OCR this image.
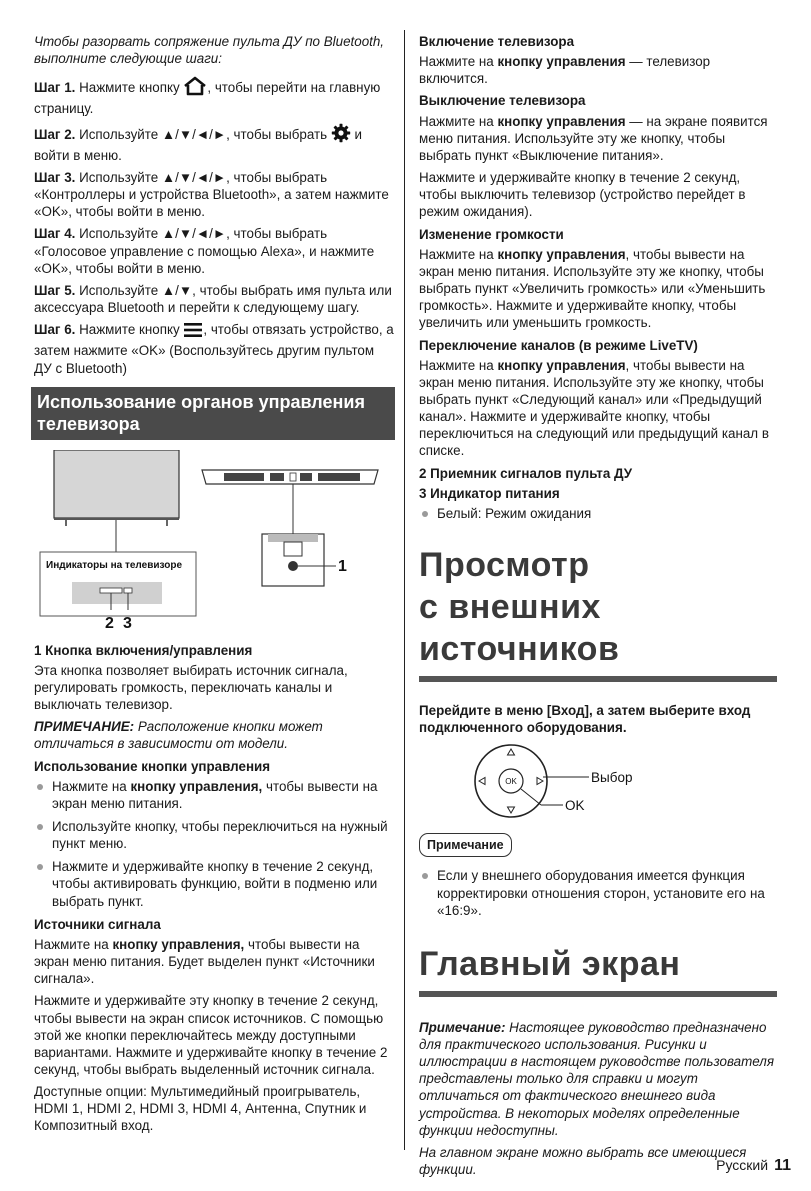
Чтобы разорвать сопряжение пульта ДУ по Bluetooth, выполните следующие шаги:

Шаг 1. Нажмите кнопку , чтобы перейти на главную страницу.

Шаг 2. Используйте ▲/▼/◄/►, чтобы выбрать  и войти в меню.

Шаг 3. Используйте ▲/▼/◄/►, чтобы выбрать «Контроллеры и устройства Bluetooth», а затем нажмите «OK», чтобы войти в меню.

Шаг 4. Используйте ▲/▼/◄/►, чтобы выбрать «Голосовое управление с помощью Alexa», и нажмите «OK», чтобы войти в меню.

Шаг 5. Используйте ▲/▼, чтобы выбрать имя пульта или аксессуара Bluetooth и перейти к следующему шагу.

Шаг 6. Нажмите кнопку , чтобы отвязать устройство, а затем нажмите «OK» (Воспользуйтесь другим пультом ДУ с Bluetooth)

Использование органов управления телевизора
1
Индикаторы на телевизоре
2 3

1 Кнопка включения/управления

Эта кнопка позволяет выбирать источник сигнала, регулировать громкость, переключать каналы и выключать телевизор.

ПРИМЕЧАНИЕ: Расположение кнопки может отличаться в зависимости от модели.

Использование кнопки управления

Нажмите на кнопку управления, чтобы вывести на экран меню питания.
Используйте кнопку, чтобы переключиться на нужный пункт меню.
Нажмите и удерживайте кнопку в течение 2 секунд, чтобы активировать функцию, войти в подменю или выбрать пункт.

Источники сигнала

Нажмите на кнопку управления, чтобы вывести на экран меню питания. Будет выделен пункт «Источники сигнала».

Нажмите и удерживайте эту кнопку в течение 2 секунд, чтобы вывести на экран список источников. С помощью этой же кнопки переключайтесь между доступными вариантами. Нажмите и удерживайте кнопку в течение 2 секунд, чтобы выбрать выделенный источник сигнала.

Доступные опции: Мультимедийный проигрыватель, HDMI 1, HDMI 2, HDMI 3, HDMI 4, Антенна, Спутник и Композитный вход.

Включение телевизора

Нажмите на кнопку управления — телевизор включится.

Выключение телевизора

Нажмите на кнопку управления — на экране появится меню питания. Используйте эту же кнопку, чтобы выбрать пункт «Выключение питания».

Нажмите и удерживайте кнопку в течение 2 секунд, чтобы выключить телевизор (устройство перейдет в режим ожидания).

Изменение громкости

Нажмите на кнопку управления, чтобы вывести на экран меню питания. Используйте эту же кнопку, чтобы выбрать пункт «Увеличить громкость» или «Уменьшить громкость». Нажмите и удерживайте кнопку, чтобы увеличить или уменьшить громкость.

Переключение каналов (в режиме LiveTV)

Нажмите на кнопку управления, чтобы вывести на экран меню питания. Используйте эту же кнопку, чтобы выбрать пункт «Следующий канал» или «Предыдущий канал». Нажмите и удерживайте кнопку, чтобы переключиться на следующий или предыдущий канал в списке.

2 Приемник сигналов пульта ДУ

3 Индикатор питания

Белый: Режим ожидания
Просмотр
с внешних
источников

Перейдите в меню [Вход], а затем выберите вход подключенного оборудования.

OK	Выбор
OK
Примечание
Если у внешнего оборудования имеется функция корректировки отношения сторон, установите его на «16:9».
Главный экран

Примечание: Настоящее руководство предназначено для практического использования. Рисунки и иллюстрации в настоящем руководстве пользователя представлены только для справки и могут отличаться от фактического внешнего вида устройства. В некоторых моделях определенные функции недоступны.

На главном экране можно выбрать все имеющиеся функции.	Русский 11
